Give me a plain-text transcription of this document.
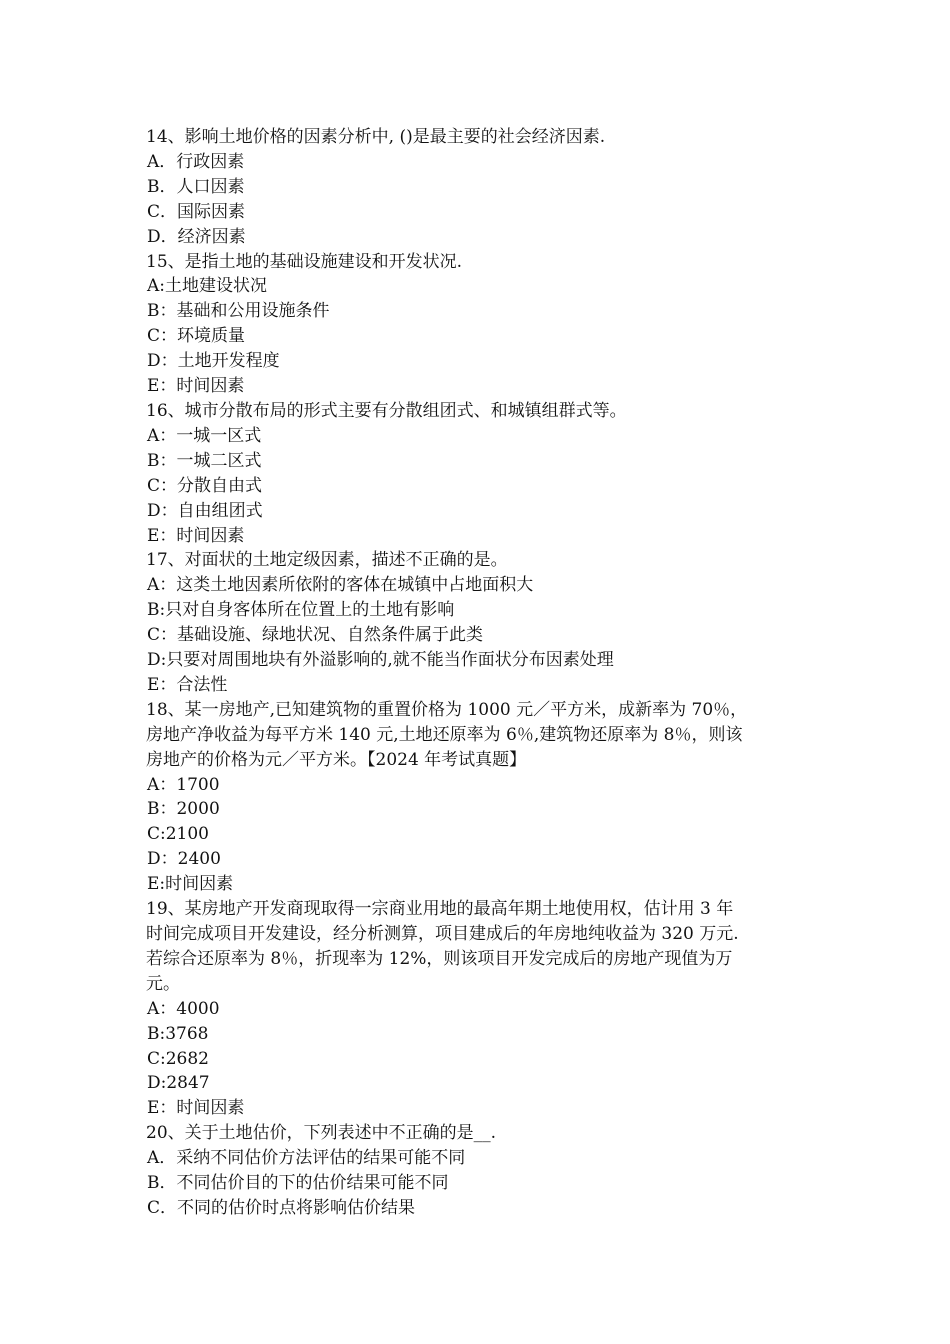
14、影响土地价格的因素分析中, ()是最主要的社会经济因素.
A．行政因素
B．人口因素
C．国际因素
D．经济因素
15、是指土地的基础设施建设和开发状况.
A:土地建设状况
B：基础和公用设施条件
C：环境质量
D：土地开发程度
E：时间因素
16、城市分散布局的形式主要有分散组团式、和城镇组群式等。
A：一城一区式
B：一城二区式
C：分散自由式
D：自由组团式
E：时间因素
17、对面状的土地定级因素，描述不正确的是。
A：这类土地因素所依附的客体在城镇中占地面积大
B:只对自身客体所在位置上的土地有影响
C：基础设施、绿地状况、自然条件属于此类
D:只要对周围地块有外溢影响的,就不能当作面状分布因素处理
E：合法性
18、某一房地产,已知建筑物的重置价格为 1000 元／平方米，成新率为 70％，
房地产净收益为每平方米 140 元,土地还原率为 6％,建筑物还原率为 8％，则该
房地产的价格为元／平方米。【2024 年考试真题】
A：1700
B：2000
C:2100
D：2400
E:时间因素
19、某房地产开发商现取得一宗商业用地的最高年期土地使用权，估计用 3 年
时间完成项目开发建设，经分析测算，项目建成后的年房地纯收益为 320 万元.
若综合还原率为 8％，折现率为 12%，则该项目开发完成后的房地产现值为万
元。
A：4000
B:3768
C:2682
D:2847
E：时间因素
20、关于土地估价，下列表述中不正确的是__.
A．采纳不同估价方法评估的结果可能不同
B．不同估价目的下的估价结果可能不同
C．不同的估价时点将影响估价结果
